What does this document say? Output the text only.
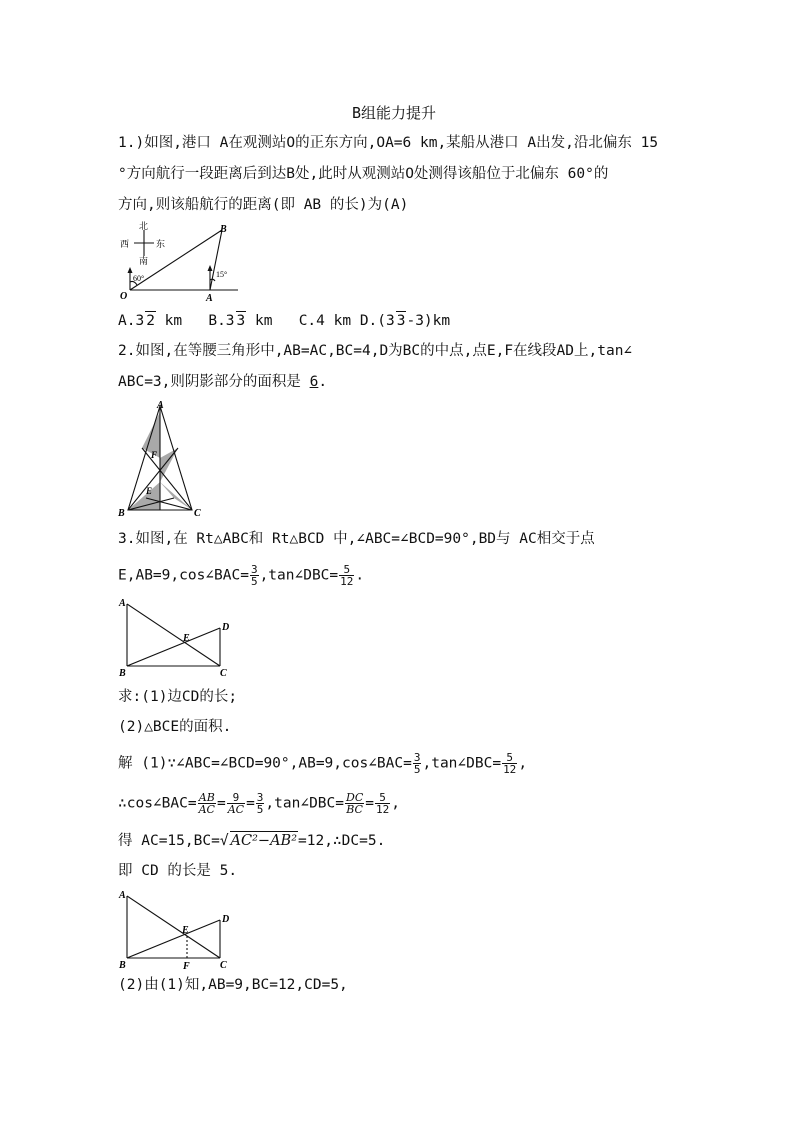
B组能力提升
1.)如图,港口 A在观测站O的正东方向,OA=6 km,某船从港口 A出发,沿北偏东 15
°方向航行一段距离后到达B处,此时从观测站O处测得该船位于北偏东 60°的
方向,则该船航行的距离(即 AB 的长)为(A)
北
西	东
南
O	A
B
60°	15°
A.3 2 km B.3 3 km C.4 km D.(3 3-3)km
2.如图,在等腰三角形中,AB=AC,BC=4,D为BC的中点,点E,F在线段AD上,tan∠
ABC=3,则阴影部分的面积是 6.
A
B	C
F
E
3.如图,在 Rt△ABC和 Rt△BCD 中,∠ABC=∠BCD=90°,BD与 AC相交于点
E,AB=9,cos∠BAC= $\frac{3}{5}$ ,tan∠DBC= $\frac{5}{12}$ .
A
B	C
D
E
求:(1)边CD的长;
(2)△BCE的面积.
解 (1)∵∠ABC=∠BCD=90°,AB=9,cos∠BAC= $\frac{3}{5}$ ,tan∠DBC= $\frac{5}{12}$ ,
∴cos∠BAC= $\frac{AB}{AC} = \frac{9}{AC} = \frac{3}{5}$ ,tan∠DBC= $\frac{DC}{BC} = \frac{5}{12}$ ,
得 AC=15,BC=√ AC²−AB²=12,∴DC=5.
即 CD 的长是 5.
A
B	C
D
E
F
(2)由(1)知,AB=9,BC=12,CD=5,
